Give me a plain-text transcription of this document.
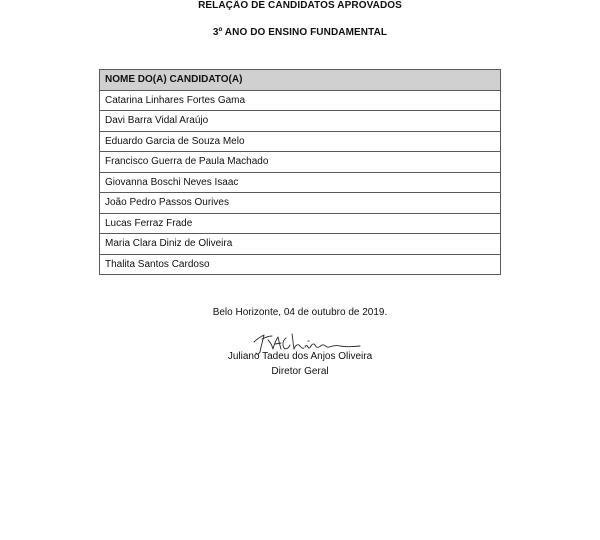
RELAÇÃO DE CANDIDATOS APROVADOS
3º ANO DO ENSINO FUNDAMENTAL
NOME DO(A) CANDIDATO(A)
Catarina Linhares Fortes Gama
Davi Barra Vidal Araújo
Eduardo Garcia de Souza Melo
Francisco Guerra de Paula Machado
Giovanna Boschi Neves Isaac
João Pedro Passos Ourives
Lucas Ferraz Frade
Maria Clara Diniz de Oliveira
Thalita Santos Cardoso
Belo Horizonte, 04 de outubro de 2019.
Juliano Tadeu dos Anjos Oliveira
Diretor Geral
